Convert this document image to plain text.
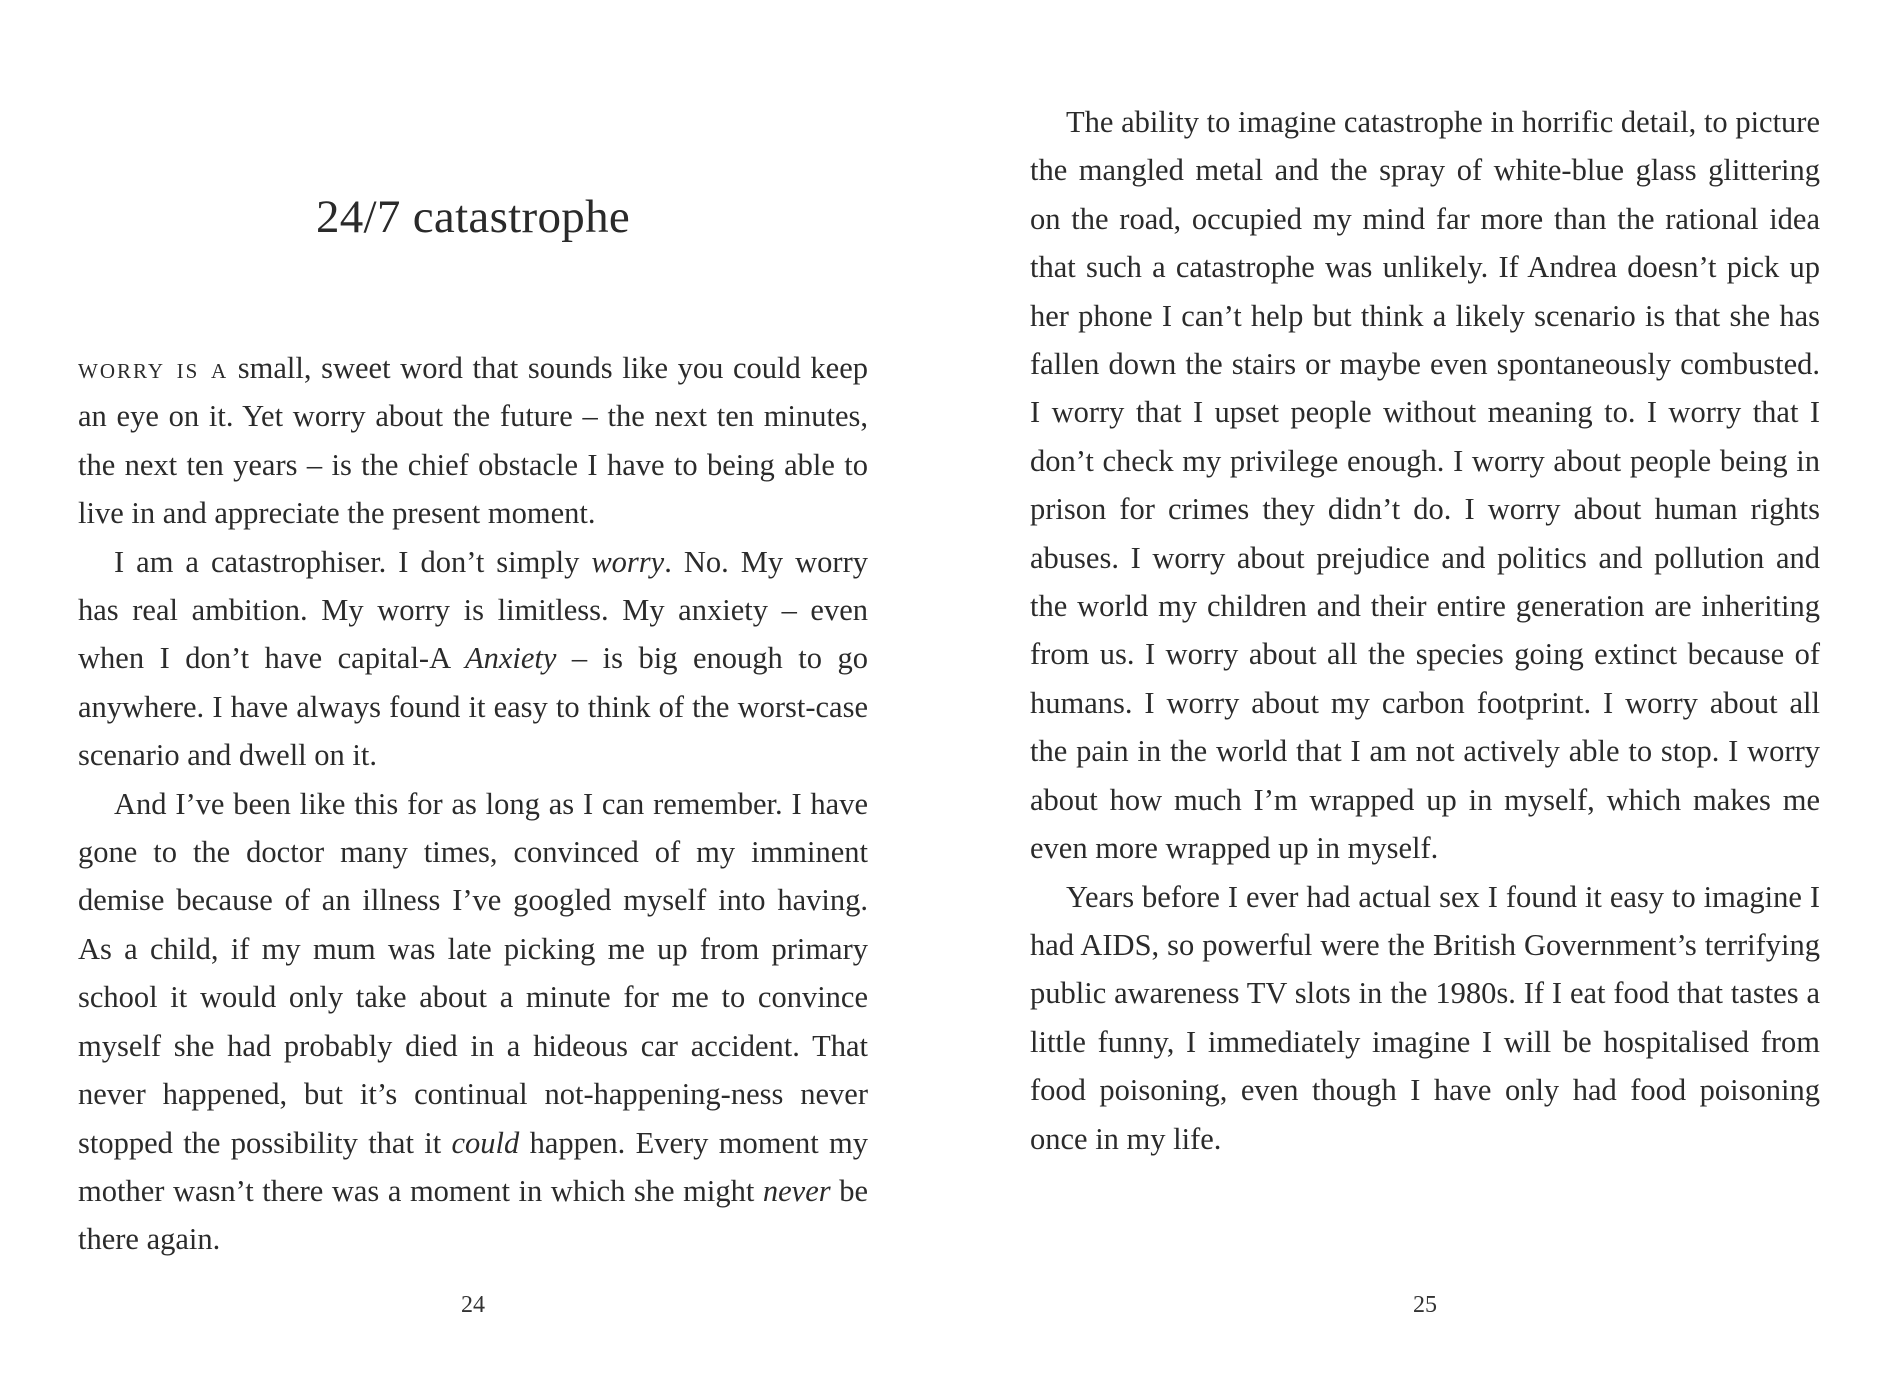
24/7 catastrophe

worry is a small, sweet word that sounds like you could keep an eye on it. Yet worry about the future – the next ten minutes, the next ten years – is the chief obstacle I have to being able to live in and appreciate the present moment.

I am a catastrophiser. I don’t simply worry. No. My worry has real ambition. My worry is limitless. My anxiety – even when I don’t have capital-A Anxiety – is big enough to go anywhere. I have always found it easy to think of the worst-case scenario and dwell on it.

And I’ve been like this for as long as I can remember. I have gone to the doctor many times, convinced of my imminent demise because of an illness I’ve googled myself into having. As a child, if my mum was late picking me up from primary school it would only take about a minute for me to convince myself she had probably died in a hideous car accident. That never happened, but it’s continual not-happening-ness never stopped the possibility that it could happen. Every moment my mother wasn’t there was a moment in which she might never be there again.

24

The ability to imagine catastrophe in horrific detail, to picture the mangled metal and the spray of white-blue glass glittering on the road, occupied my mind far more than the rational idea that such a catastrophe was unlikely. If Andrea doesn’t pick up her phone I can’t help but think a likely scenario is that she has fallen down the stairs or maybe even spontaneously combusted. I worry that I upset people without meaning to. I worry that I don’t check my privilege enough. I worry about people being in prison for crimes they didn’t do. I worry about human rights abuses. I worry about prejudice and politics and pollution and the world my children and their entire generation are inheriting from us. I worry about all the species going extinct because of humans. I worry about my carbon footprint. I worry about all the pain in the world that I am not actively able to stop. I worry about how much I’m wrapped up in myself, which makes me even more wrapped up in myself.

Years before I ever had actual sex I found it easy to imagine I had AIDS, so powerful were the British Government’s terrifying public awareness TV slots in the 1980s. If I eat food that tastes a little funny, I immediately imagine I will be hospitalised from food poisoning, even though I have only had food poisoning once in my life.

25
